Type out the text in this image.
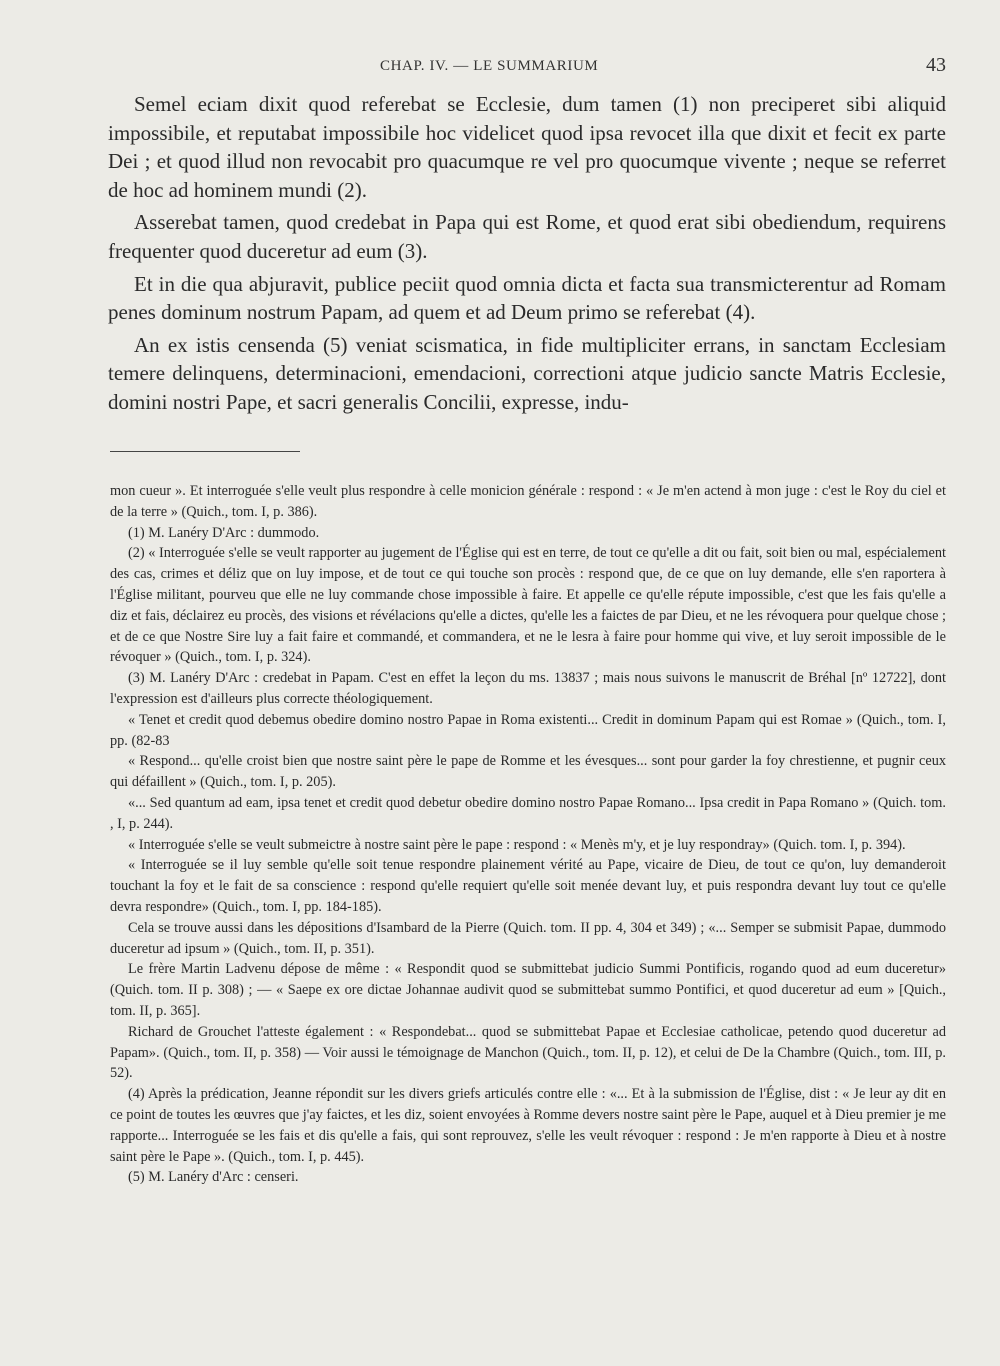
CHAP. IV. — LE SUMMARIUM	43

Semel eciam dixit quod referebat se Ecclesie, dum tamen (1) non preciperet sibi aliquid impossibile, et reputabat impossibile hoc videlicet quod ipsa revocet illa que dixit et fecit ex parte Dei ; et quod illud non revocabit pro quacumque re vel pro quocumque vivente ; neque se referret de hoc ad hominem mundi (2).

Asserebat tamen, quod credebat in Papa qui est Rome, et quod erat sibi obediendum, requirens frequenter quod duceretur ad eum (3).

Et in die qua abjuravit, publice peciit quod omnia dicta et facta sua transmicterentur ad Romam penes dominum nostrum Papam, ad quem et ad Deum primo se referebat (4).

An ex istis censenda (5) veniat scismatica, in fide multipliciter errans, in sanctam Ecclesiam temere delinquens, determinacioni, emendacioni, correctioni atque judicio sancte Matris Ecclesie, domini nostri Pape, et sacri generalis Concilii, expresse, indu-

mon cueur ». Et interroguée s'elle veult plus respondre à celle monicion générale : respond : « Je m'en actend à mon juge : c'est le Roy du ciel et de la terre » (Quich., tom. I, p. 386).

(1) M. Lanéry D'Arc : dummodo.

(2) « Interroguée s'elle se veult rapporter au jugement de l'Église qui est en terre, de tout ce qu'elle a dit ou fait, soit bien ou mal, espécialement des cas, crimes et déliz que on luy impose, et de tout ce qui touche son procès : respond que, de ce que on luy demande, elle s'en raportera à l'Église militant, pourveu que elle ne luy commande chose impossible à faire. Et appelle ce qu'elle répute impossible, c'est que les fais qu'elle a diz et fais, déclairez eu procès, des visions et révélacions qu'elle a dictes, qu'elle les a faictes de par Dieu, et ne les révoquera pour quelque chose ; et de ce que Nostre Sire luy a fait faire et commandé, et commandera, et ne le lesra à faire pour homme qui vive, et luy seroit impossible de le révoquer » (Quich., tom. I, p. 324).

(3) M. Lanéry D'Arc : credebat in Papam. C'est en effet la leçon du ms. 13837 ; mais nous suivons le manuscrit de Bréhal [nº 12722], dont l'expression est d'ailleurs plus correcte théologiquement.

« Tenet et credit quod debemus obedire domino nostro Papae in Roma existenti... Credit in dominum Papam qui est Romae » (Quich., tom. I, pp. (82-83

« Respond... qu'elle croist bien que nostre saint père le pape de Romme et les évesques... sont pour garder la foy chrestienne, et pugnir ceux qui défaillent » (Quich., tom. I, p. 205).

«... Sed quantum ad eam, ipsa tenet et credit quod debetur obedire domino nostro Papae Romano... Ipsa credit in Papa Romano » (Quich. tom. , I, p. 244).

« Interroguée s'elle se veult submeictre à nostre saint père le pape : respond : « Menès m'y, et je luy respondray» (Quich. tom. I, p. 394).

« Interroguée se il luy semble qu'elle soit tenue respondre plainement vérité au Pape, vicaire de Dieu, de tout ce qu'on, luy demanderoit touchant la foy et le fait de sa conscience : respond qu'elle requiert qu'elle soit menée devant luy, et puis respondra devant luy tout ce qu'elle devra respondre» (Quich., tom. I, pp. 184-185).

Cela se trouve aussi dans les dépositions d'Isambard de la Pierre (Quich. tom. II pp. 4, 304 et 349) ; «... Semper se submisit Papae, dummodo duceretur ad ipsum » (Quich., tom. II, p. 351).

Le frère Martin Ladvenu dépose de même : « Respondit quod se submittebat judicio Summi Pontificis, rogando quod ad eum duceretur» (Quich. tom. II p. 308) ; — « Saepe ex ore dictae Johannae audivit quod se submittebat summo Pontifici, et quod duceretur ad eum » [Quich., tom. II, p. 365].

Richard de Grouchet l'atteste également : « Respondebat... quod se submittebat Papae et Ecclesiae catholicae, petendo quod duceretur ad Papam». (Quich., tom. II, p. 358) — Voir aussi le témoignage de Manchon (Quich., tom. II, p. 12), et celui de De la Chambre (Quich., tom. III, p. 52).

(4) Après la prédication, Jeanne répondit sur les divers griefs articulés contre elle : «... Et à la submission de l'Église, dist : « Je leur ay dit en ce point de toutes les œuvres que j'ay faictes, et les diz, soient envoyées à Romme devers nostre saint père le Pape, auquel et à Dieu premier je me rapporte... Interroguée se les fais et dis qu'elle a fais, qui sont reprouvez, s'elle les veult révoquer : respond : Je m'en rapporte à Dieu et à nostre saint père le Pape ». (Quich., tom. I, p. 445).

(5) M. Lanéry d'Arc : censeri.
